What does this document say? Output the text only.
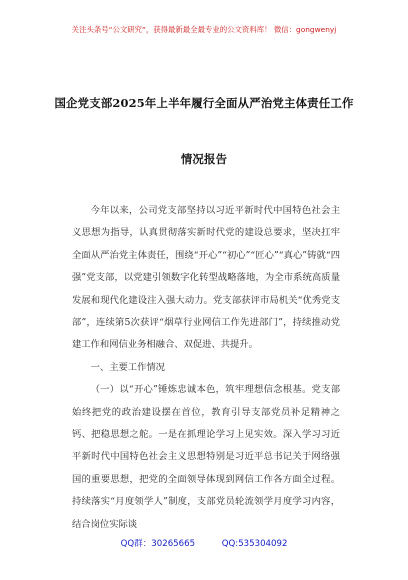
关注头条号“公文研究”，获得最新最全最专业的公文资料库！ 微信：gongwenyj
国企党支部2025年上半年履行全面从严治党主体责任工作
情况报告

今年以来，公司党支部坚持以习近平新时代中国特色社会主义思想为指导，认真贯彻落实新时代党的建设总要求，坚决扛牢全面从严治党主体责任，围绕“开心”“初心”“匠心”“真心”铸就“四强”党支部，以党建引领数字化转型战略落地，为全市系统高质量发展和现代化建设注入强大动力。党支部获评市局机关“优秀党支部”，连续第5次获评“烟草行业网信工作先进部门”，持续推动党建工作和网信业务相融合、双促进、共提升。

一、主要工作情况

（一）以“开心”锤炼忠诚本色，筑牢理想信念根基。党支部始终把党的政治建设摆在首位，教育引导支部党员补足精神之钙、把稳思想之舵。一是在抓理论学习上见实效。深入学习习近平新时代中国特色社会主义思想特别是习近平总书记关于网络强国的重要思想，把党的全面领导体现到网信工作各方面全过程。持续落实“月度领学人”制度，支部党员轮流领学月度学习内容，结合岗位实际谈

QQ群：30265665	QQ:535304092
